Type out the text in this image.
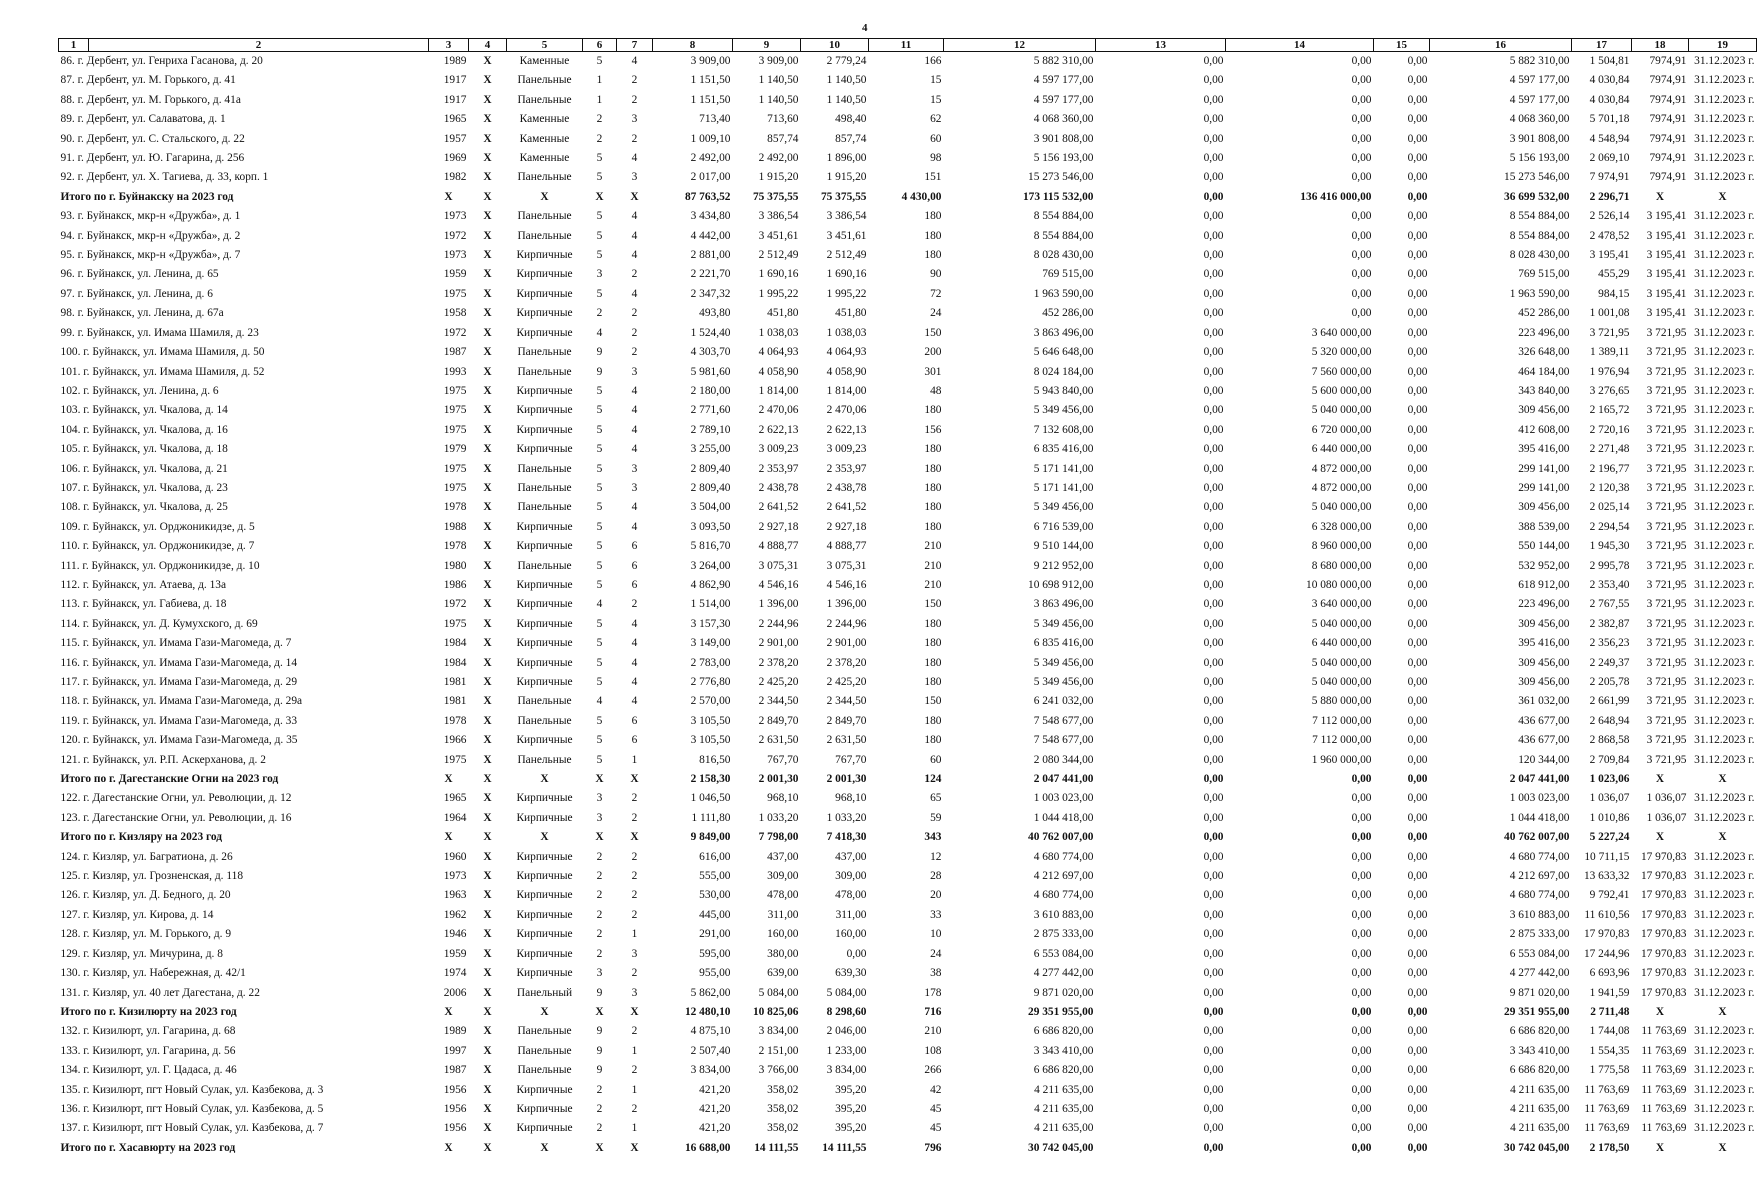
4
1	2	3	4	5	6	7	8	9	10	11	12	13	14	15	16	17	18	19
86. г. Дербент, ул. Генриха Гасанова, д. 20		1989	X	Каменные	5	4	3 909,00	3 909,00	2 779,24	166	5 882 310,00	0,00	0,00	0,00	5 882 310,00	1 504,81	7974,91	31.12.2023 г.
87. г. Дербент, ул. М. Горького, д. 41		1917	X	Панельные	1	2	1 151,50	1 140,50	1 140,50	15	4 597 177,00	0,00	0,00	0,00	4 597 177,00	4 030,84	7974,91	31.12.2023 г.
88. г. Дербент, ул. М. Горького, д. 41а		1917	X	Панельные	1	2	1 151,50	1 140,50	1 140,50	15	4 597 177,00	0,00	0,00	0,00	4 597 177,00	4 030,84	7974,91	31.12.2023 г.
89. г. Дербент, ул. Салаватова, д. 1		1965	X	Каменные	2	3	713,40	713,60	498,40	62	4 068 360,00	0,00	0,00	0,00	4 068 360,00	5 701,18	7974,91	31.12.2023 г.
90. г. Дербент, ул. С. Стальского, д. 22		1957	X	Каменные	2	2	1 009,10	857,74	857,74	60	3 901 808,00	0,00	0,00	0,00	3 901 808,00	4 548,94	7974,91	31.12.2023 г.
91. г. Дербент, ул. Ю. Гагарина, д. 256		1969	X	Каменные	5	4	2 492,00	2 492,00	1 896,00	98	5 156 193,00	0,00	0,00	0,00	5 156 193,00	2 069,10	7974,91	31.12.2023 г.
92. г. Дербент, ул. Х. Тагиева, д. 33, корп. 1		1982	X	Панельные	5	3	2 017,00	1 915,20	1 915,20	151	15 273 546,00	0,00	0,00	0,00	15 273 546,00	7 974,91	7974,91	31.12.2023 г.
Итого по г. Буйнакску на 2023 год		X	X	X	X	X	87 763,52	75 375,55	75 375,55	4 430,00	173 115 532,00	0,00	136 416 000,00	0,00	36 699 532,00	2 296,71	X	X
93. г. Буйнакск, мкр-н «Дружба», д. 1		1973	X	Панельные	5	4	3 434,80	3 386,54	3 386,54	180	8 554 884,00	0,00	0,00	0,00	8 554 884,00	2 526,14	3 195,41	31.12.2023 г.
94. г. Буйнакск, мкр-н «Дружба», д. 2		1972	X	Панельные	5	4	4 442,00	3 451,61	3 451,61	180	8 554 884,00	0,00	0,00	0,00	8 554 884,00	2 478,52	3 195,41	31.12.2023 г.
95. г. Буйнакск, мкр-н «Дружба», д. 7		1973	X	Кирпичные	5	4	2 881,00	2 512,49	2 512,49	180	8 028 430,00	0,00	0,00	0,00	8 028 430,00	3 195,41	3 195,41	31.12.2023 г.
96. г. Буйнакск, ул. Ленина, д. 65		1959	X	Кирпичные	3	2	2 221,70	1 690,16	1 690,16	90	769 515,00	0,00	0,00	0,00	769 515,00	455,29	3 195,41	31.12.2023 г.
97. г. Буйнакск, ул. Ленина, д. 6		1975	X	Кирпичные	5	4	2 347,32	1 995,22	1 995,22	72	1 963 590,00	0,00	0,00	0,00	1 963 590,00	984,15	3 195,41	31.12.2023 г.
98. г. Буйнакск, ул. Ленина, д. 67а		1958	X	Кирпичные	2	2	493,80	451,80	451,80	24	452 286,00	0,00	0,00	0,00	452 286,00	1 001,08	3 195,41	31.12.2023 г.
99. г. Буйнакск, ул. Имама Шамиля, д. 23		1972	X	Кирпичные	4	2	1 524,40	1 038,03	1 038,03	150	3 863 496,00	0,00	3 640 000,00	0,00	223 496,00	3 721,95	3 721,95	31.12.2023 г.
100. г. Буйнакск, ул. Имама Шамиля, д. 50		1987	X	Панельные	9	2	4 303,70	4 064,93	4 064,93	200	5 646 648,00	0,00	5 320 000,00	0,00	326 648,00	1 389,11	3 721,95	31.12.2023 г.
101. г. Буйнакск, ул. Имама Шамиля, д. 52		1993	X	Панельные	9	3	5 981,60	4 058,90	4 058,90	301	8 024 184,00	0,00	7 560 000,00	0,00	464 184,00	1 976,94	3 721,95	31.12.2023 г.
102. г. Буйнакск, ул. Ленина, д. 6		1975	X	Кирпичные	5	4	2 180,00	1 814,00	1 814,00	48	5 943 840,00	0,00	5 600 000,00	0,00	343 840,00	3 276,65	3 721,95	31.12.2023 г.
103. г. Буйнакск, ул. Чкалова, д. 14		1975	X	Кирпичные	5	4	2 771,60	2 470,06	2 470,06	180	5 349 456,00	0,00	5 040 000,00	0,00	309 456,00	2 165,72	3 721,95	31.12.2023 г.
104. г. Буйнакск, ул. Чкалова, д. 16		1975	X	Кирпичные	5	4	2 789,10	2 622,13	2 622,13	156	7 132 608,00	0,00	6 720 000,00	0,00	412 608,00	2 720,16	3 721,95	31.12.2023 г.
105. г. Буйнакск, ул. Чкалова, д. 18		1979	X	Кирпичные	5	4	3 255,00	3 009,23	3 009,23	180	6 835 416,00	0,00	6 440 000,00	0,00	395 416,00	2 271,48	3 721,95	31.12.2023 г.
106. г. Буйнакск, ул. Чкалова, д. 21		1975	X	Панельные	5	3	2 809,40	2 353,97	2 353,97	180	5 171 141,00	0,00	4 872 000,00	0,00	299 141,00	2 196,77	3 721,95	31.12.2023 г.
107. г. Буйнакск, ул. Чкалова, д. 23		1975	X	Панельные	5	3	2 809,40	2 438,78	2 438,78	180	5 171 141,00	0,00	4 872 000,00	0,00	299 141,00	2 120,38	3 721,95	31.12.2023 г.
108. г. Буйнакск, ул. Чкалова, д. 25		1978	X	Панельные	5	4	3 504,00	2 641,52	2 641,52	180	5 349 456,00	0,00	5 040 000,00	0,00	309 456,00	2 025,14	3 721,95	31.12.2023 г.
109. г. Буйнакск, ул. Орджоникидзе, д. 5		1988	X	Кирпичные	5	4	3 093,50	2 927,18	2 927,18	180	6 716 539,00	0,00	6 328 000,00	0,00	388 539,00	2 294,54	3 721,95	31.12.2023 г.
110. г. Буйнакск, ул. Орджоникидзе, д. 7		1978	X	Кирпичные	5	6	5 816,70	4 888,77	4 888,77	210	9 510 144,00	0,00	8 960 000,00	0,00	550 144,00	1 945,30	3 721,95	31.12.2023 г.
111. г. Буйнакск, ул. Орджоникидзе, д. 10		1980	X	Панельные	5	6	3 264,00	3 075,31	3 075,31	210	9 212 952,00	0,00	8 680 000,00	0,00	532 952,00	2 995,78	3 721,95	31.12.2023 г.
112. г. Буйнакск, ул. Атаева, д. 13а		1986	X	Кирпичные	5	6	4 862,90	4 546,16	4 546,16	210	10 698 912,00	0,00	10 080 000,00	0,00	618 912,00	2 353,40	3 721,95	31.12.2023 г.
113. г. Буйнакск, ул. Габиева, д. 18		1972	X	Кирпичные	4	2	1 514,00	1 396,00	1 396,00	150	3 863 496,00	0,00	3 640 000,00	0,00	223 496,00	2 767,55	3 721,95	31.12.2023 г.
114. г. Буйнакск, ул. Д. Кумухского, д. 69		1975	X	Кирпичные	5	4	3 157,30	2 244,96	2 244,96	180	5 349 456,00	0,00	5 040 000,00	0,00	309 456,00	2 382,87	3 721,95	31.12.2023 г.
115. г. Буйнакск, ул. Имама Гази-Магомеда, д. 7		1984	X	Кирпичные	5	4	3 149,00	2 901,00	2 901,00	180	6 835 416,00	0,00	6 440 000,00	0,00	395 416,00	2 356,23	3 721,95	31.12.2023 г.
116. г. Буйнакск, ул. Имама Гази-Магомеда, д. 14		1984	X	Кирпичные	5	4	2 783,00	2 378,20	2 378,20	180	5 349 456,00	0,00	5 040 000,00	0,00	309 456,00	2 249,37	3 721,95	31.12.2023 г.
117. г. Буйнакск, ул. Имама Гази-Магомеда, д. 29		1981	X	Кирпичные	5	4	2 776,80	2 425,20	2 425,20	180	5 349 456,00	0,00	5 040 000,00	0,00	309 456,00	2 205,78	3 721,95	31.12.2023 г.
118. г. Буйнакск, ул. Имама Гази-Магомеда, д. 29а		1981	X	Панельные	4	4	2 570,00	2 344,50	2 344,50	150	6 241 032,00	0,00	5 880 000,00	0,00	361 032,00	2 661,99	3 721,95	31.12.2023 г.
119. г. Буйнакск, ул. Имама Гази-Магомеда, д. 33		1978	X	Панельные	5	6	3 105,50	2 849,70	2 849,70	180	7 548 677,00	0,00	7 112 000,00	0,00	436 677,00	2 648,94	3 721,95	31.12.2023 г.
120. г. Буйнакск, ул. Имама Гази-Магомеда, д. 35		1966	X	Кирпичные	5	6	3 105,50	2 631,50	2 631,50	180	7 548 677,00	0,00	7 112 000,00	0,00	436 677,00	2 868,58	3 721,95	31.12.2023 г.
121. г. Буйнакск, ул. Р.П. Аскерханова, д. 2		1975	X	Панельные	5	1	816,50	767,70	767,70	60	2 080 344,00	0,00	1 960 000,00	0,00	120 344,00	2 709,84	3 721,95	31.12.2023 г.
Итого по г. Дагестанские Огни на 2023 год		X	X	X	X	X	2 158,30	2 001,30	2 001,30	124	2 047 441,00	0,00	0,00	0,00	2 047 441,00	1 023,06	X	X
122. г. Дагестанские Огни, ул. Революции, д. 12		1965	X	Кирпичные	3	2	1 046,50	968,10	968,10	65	1 003 023,00	0,00	0,00	0,00	1 003 023,00	1 036,07	1 036,07	31.12.2023 г.
123. г. Дагестанские Огни, ул. Революции, д. 16		1964	X	Кирпичные	3	2	1 111,80	1 033,20	1 033,20	59	1 044 418,00	0,00	0,00	0,00	1 044 418,00	1 010,86	1 036,07	31.12.2023 г.
Итого по г. Кизляру на 2023 год		X	X	X	X	X	9 849,00	7 798,00	7 418,30	343	40 762 007,00	0,00	0,00	0,00	40 762 007,00	5 227,24	X	X
124. г. Кизляр, ул. Багратиона, д. 26		1960	X	Кирпичные	2	2	616,00	437,00	437,00	12	4 680 774,00	0,00	0,00	0,00	4 680 774,00	10 711,15	17 970,83	31.12.2023 г.
125. г. Кизляр, ул. Грозненская, д. 118		1973	X	Кирпичные	2	2	555,00	309,00	309,00	28	4 212 697,00	0,00	0,00	0,00	4 212 697,00	13 633,32	17 970,83	31.12.2023 г.
126. г. Кизляр, ул. Д. Бедного, д. 20		1963	X	Кирпичные	2	2	530,00	478,00	478,00	20	4 680 774,00	0,00	0,00	0,00	4 680 774,00	9 792,41	17 970,83	31.12.2023 г.
127. г. Кизляр, ул. Кирова, д. 14		1962	X	Кирпичные	2	2	445,00	311,00	311,00	33	3 610 883,00	0,00	0,00	0,00	3 610 883,00	11 610,56	17 970,83	31.12.2023 г.
128. г. Кизляр, ул. М. Горького, д. 9		1946	X	Кирпичные	2	1	291,00	160,00	160,00	10	2 875 333,00	0,00	0,00	0,00	2 875 333,00	17 970,83	17 970,83	31.12.2023 г.
129. г. Кизляр, ул. Мичурина, д. 8		1959	X	Кирпичные	2	3	595,00	380,00	0,00	24	6 553 084,00	0,00	0,00	0,00	6 553 084,00	17 244,96	17 970,83	31.12.2023 г.
130. г. Кизляр, ул. Набережная, д. 42/1		1974	X	Кирпичные	3	2	955,00	639,00	639,30	38	4 277 442,00	0,00	0,00	0,00	4 277 442,00	6 693,96	17 970,83	31.12.2023 г.
131. г. Кизляр, ул. 40 лет Дагестана, д. 22		2006	X	Панельный	9	3	5 862,00	5 084,00	5 084,00	178	9 871 020,00	0,00	0,00	0,00	9 871 020,00	1 941,59	17 970,83	31.12.2023 г.
Итого по г. Кизилюрту на 2023 год		X	X	X	X	X	12 480,10	10 825,06	8 298,60	716	29 351 955,00	0,00	0,00	0,00	29 351 955,00	2 711,48	X	X
132. г. Кизилюрт, ул. Гагарина, д. 68		1989	X	Панельные	9	2	4 875,10	3 834,00	2 046,00	210	6 686 820,00	0,00	0,00	0,00	6 686 820,00	1 744,08	11 763,69	31.12.2023 г.
133. г. Кизилюрт, ул. Гагарина, д. 56		1997	X	Панельные	9	1	2 507,40	2 151,00	1 233,00	108	3 343 410,00	0,00	0,00	0,00	3 343 410,00	1 554,35	11 763,69	31.12.2023 г.
134. г. Кизилюрт, ул. Г. Цадаса, д. 46		1987	X	Панельные	9	2	3 834,00	3 766,00	3 834,00	266	6 686 820,00	0,00	0,00	0,00	6 686 820,00	1 775,58	11 763,69	31.12.2023 г.
135. г. Кизилюрт, пгт Новый Сулак, ул. Казбекова, д. 3		1956	X	Кирпичные	2	1	421,20	358,02	395,20	42	4 211 635,00	0,00	0,00	0,00	4 211 635,00	11 763,69	11 763,69	31.12.2023 г.
136. г. Кизилюрт, пгт Новый Сулак, ул. Казбекова, д. 5		1956	X	Кирпичные	2	2	421,20	358,02	395,20	45	4 211 635,00	0,00	0,00	0,00	4 211 635,00	11 763,69	11 763,69	31.12.2023 г.
137. г. Кизилюрт, пгт Новый Сулак, ул. Казбекова, д. 7		1956	X	Кирпичные	2	1	421,20	358,02	395,20	45	4 211 635,00	0,00	0,00	0,00	4 211 635,00	11 763,69	11 763,69	31.12.2023 г.
Итого по г. Хасавюрту на 2023 год		X	X	X	X	X	16 688,00	14 111,55	14 111,55	796	30 742 045,00	0,00	0,00	0,00	30 742 045,00	2 178,50	X	X
